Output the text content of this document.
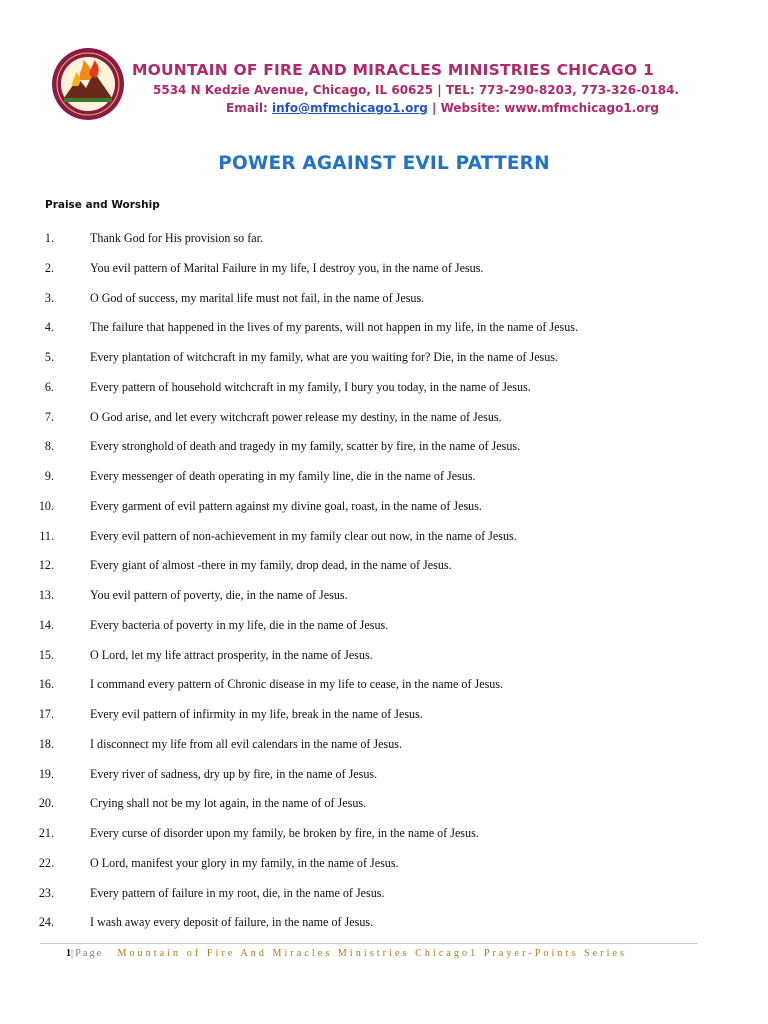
MOUNTAIN OF FIRE AND MIRACLES MINISTRIES CHICAGO 1
5534 N Kedzie Avenue, Chicago, IL 60625 | TEL: 773-290-8203, 773-326-0184.
Email: info@mfmchicago1.org | Website: www.mfmchicago1.org
POWER AGAINST EVIL PATTERN
Praise and Worship
1.	Thank God for His provision so far.
2.	You evil pattern of Marital Failure in my life, I destroy you, in the name of Jesus.
3.	O God of success, my marital life must not fail, in the name of Jesus.
4.	The failure that happened in the lives of my parents, will not happen in my life, in the name of Jesus.
5.	Every plantation of witchcraft in my family, what are you waiting for? Die, in the name of Jesus.
6.	Every pattern of household witchcraft in my family, I bury you today, in the name of Jesus.
7.	O God arise, and let every witchcraft power release my destiny, in the name of Jesus.
8.	Every stronghold of death and tragedy in my family, scatter by fire, in the name of Jesus.
9.	Every messenger of death operating in my family line, die in the name of Jesus.
10.	Every garment of evil pattern against my divine goal, roast, in the name of Jesus.
11.	Every evil pattern of non-achievement in my family clear out now, in the name of Jesus.
12.	Every giant of almost -there in my family, drop dead, in the name of Jesus.
13.	You evil pattern of poverty, die, in the name of Jesus.
14.	Every bacteria of poverty in my life, die in the name of Jesus.
15.	O Lord, let my life attract prosperity, in the name of Jesus.
16.	I command every pattern of Chronic disease in my life to cease, in the name of Jesus.
17.	Every evil pattern of infirmity in my life, break in the name of Jesus.
18.	I disconnect my life from all evil calendars in the name of Jesus.
19.	Every river of sadness, dry up by fire, in the name of Jesus.
20.	Crying shall not be my lot again, in the name of of Jesus.
21.	Every curse of disorder upon my family, be broken by fire, in the name of Jesus.
22.	O Lord, manifest your glory in my family, in the name of Jesus.
23.	Every pattern of failure in my root, die, in the name of Jesus.
24.	I wash away every deposit of failure, in the name of Jesus.
1|Page Mountain of Fire And Miracles Ministries Chicago1 Prayer-Points Series
